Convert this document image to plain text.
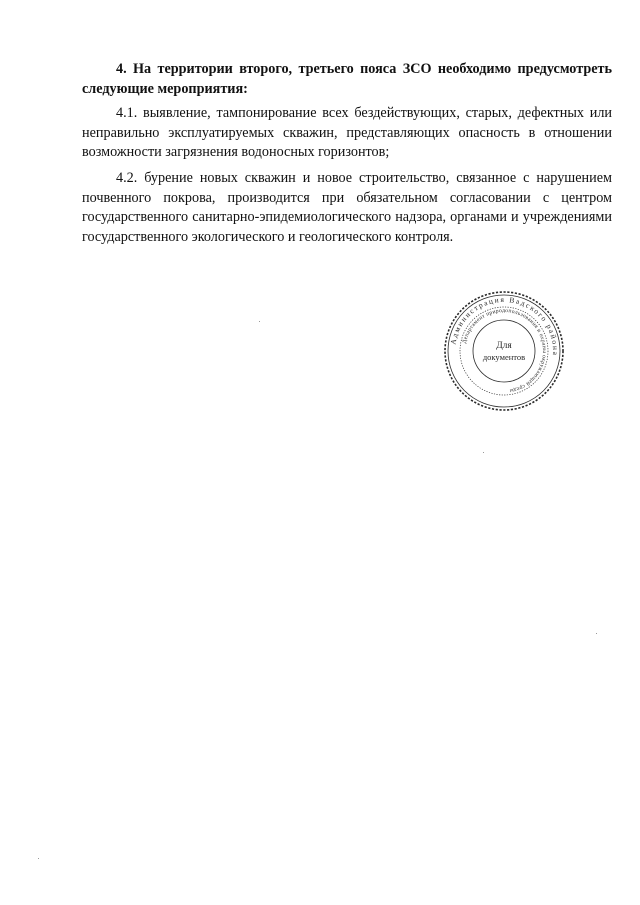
4. На территории второго, третьего пояса ЗСО необходимо предусмотреть следующие мероприятия:

4.1. выявление, тампонирование всех бездействующих, старых, дефектных или неправильно эксплуатируемых скважин, представляющих опасность в отношении возможности загрязнения водоносных горизонтов;

4.2. бурение новых скважин и новое строительство, связанное с нарушением почвенного покрова, производится при обязательном согласовании с центром государственного санитарно-эпидемиологического надзора, органами и учреждениями государственного экологического и геологического контроля.

Администрация Вадского района
Департамент природопользования и охраны окружающей среды
Для
документов
